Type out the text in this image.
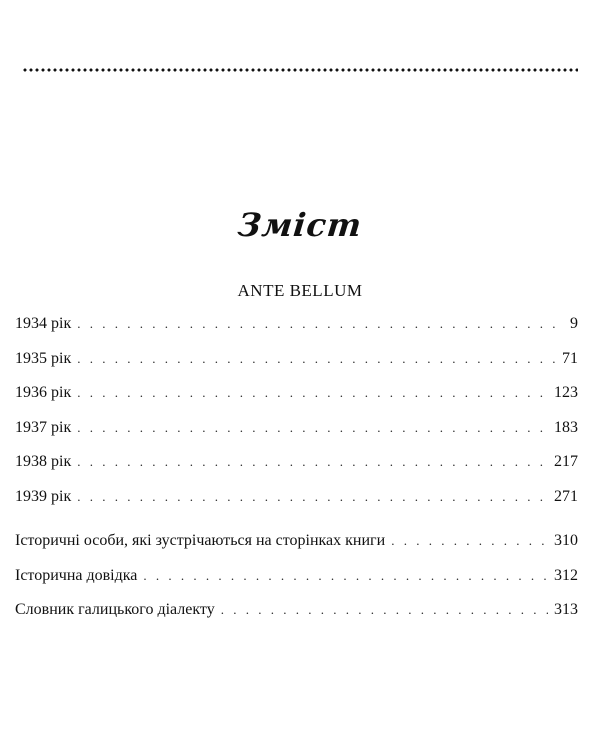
Зміст
ANTE BELLUM
1934 рік . . .	9
1935 рік . . .	71
1936 рік . . .	123
1937 рік . . .	183
1938 рік . . .	217
1939 рік . . .	271
Історичні особи, які зустрічаються на сторінках книги . . .	310
Історична довідка . . .	312
Словник галицького діалекту . . .	313
